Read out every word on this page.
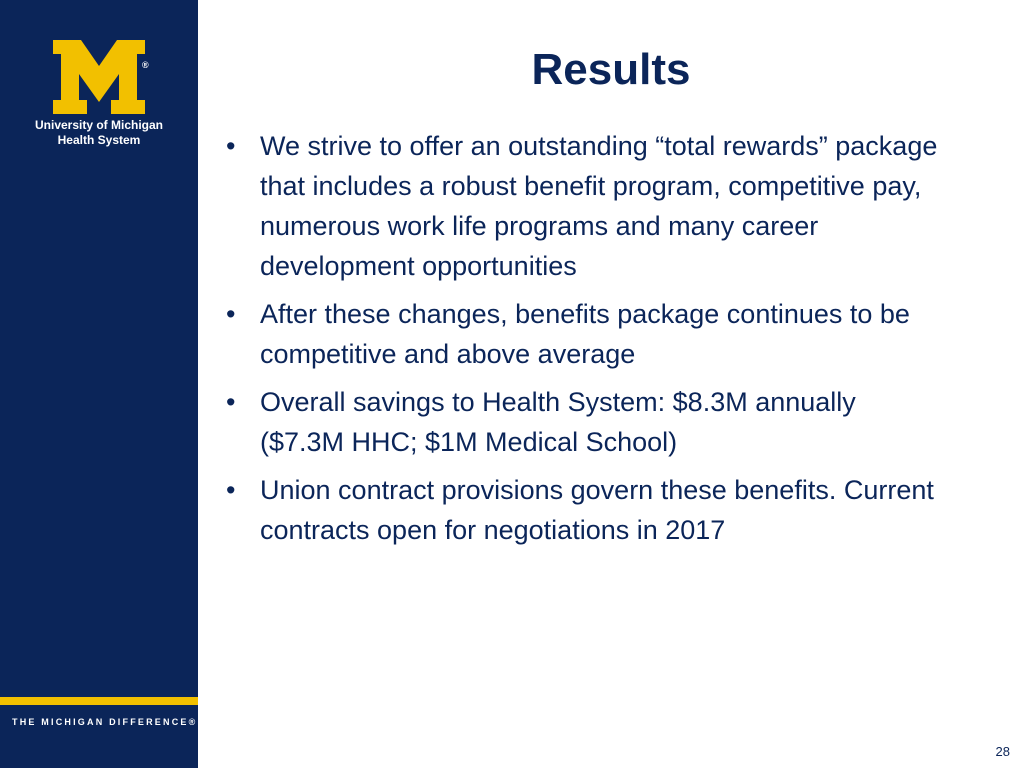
®
University of Michigan
Health System
THE MICHIGAN DIFFERENCE®
Results
• We strive to offer an outstanding “total rewards” package that includes a robust benefit program, competitive pay, numerous work life programs and many career development opportunities
• After these changes, benefits package continues to be competitive and above average
• Overall savings to Health System: $8.3M annually ($7.3M HHC; $1M Medical School)
• Union contract provisions govern these benefits. Current contracts open for negotiations in 2017
28
